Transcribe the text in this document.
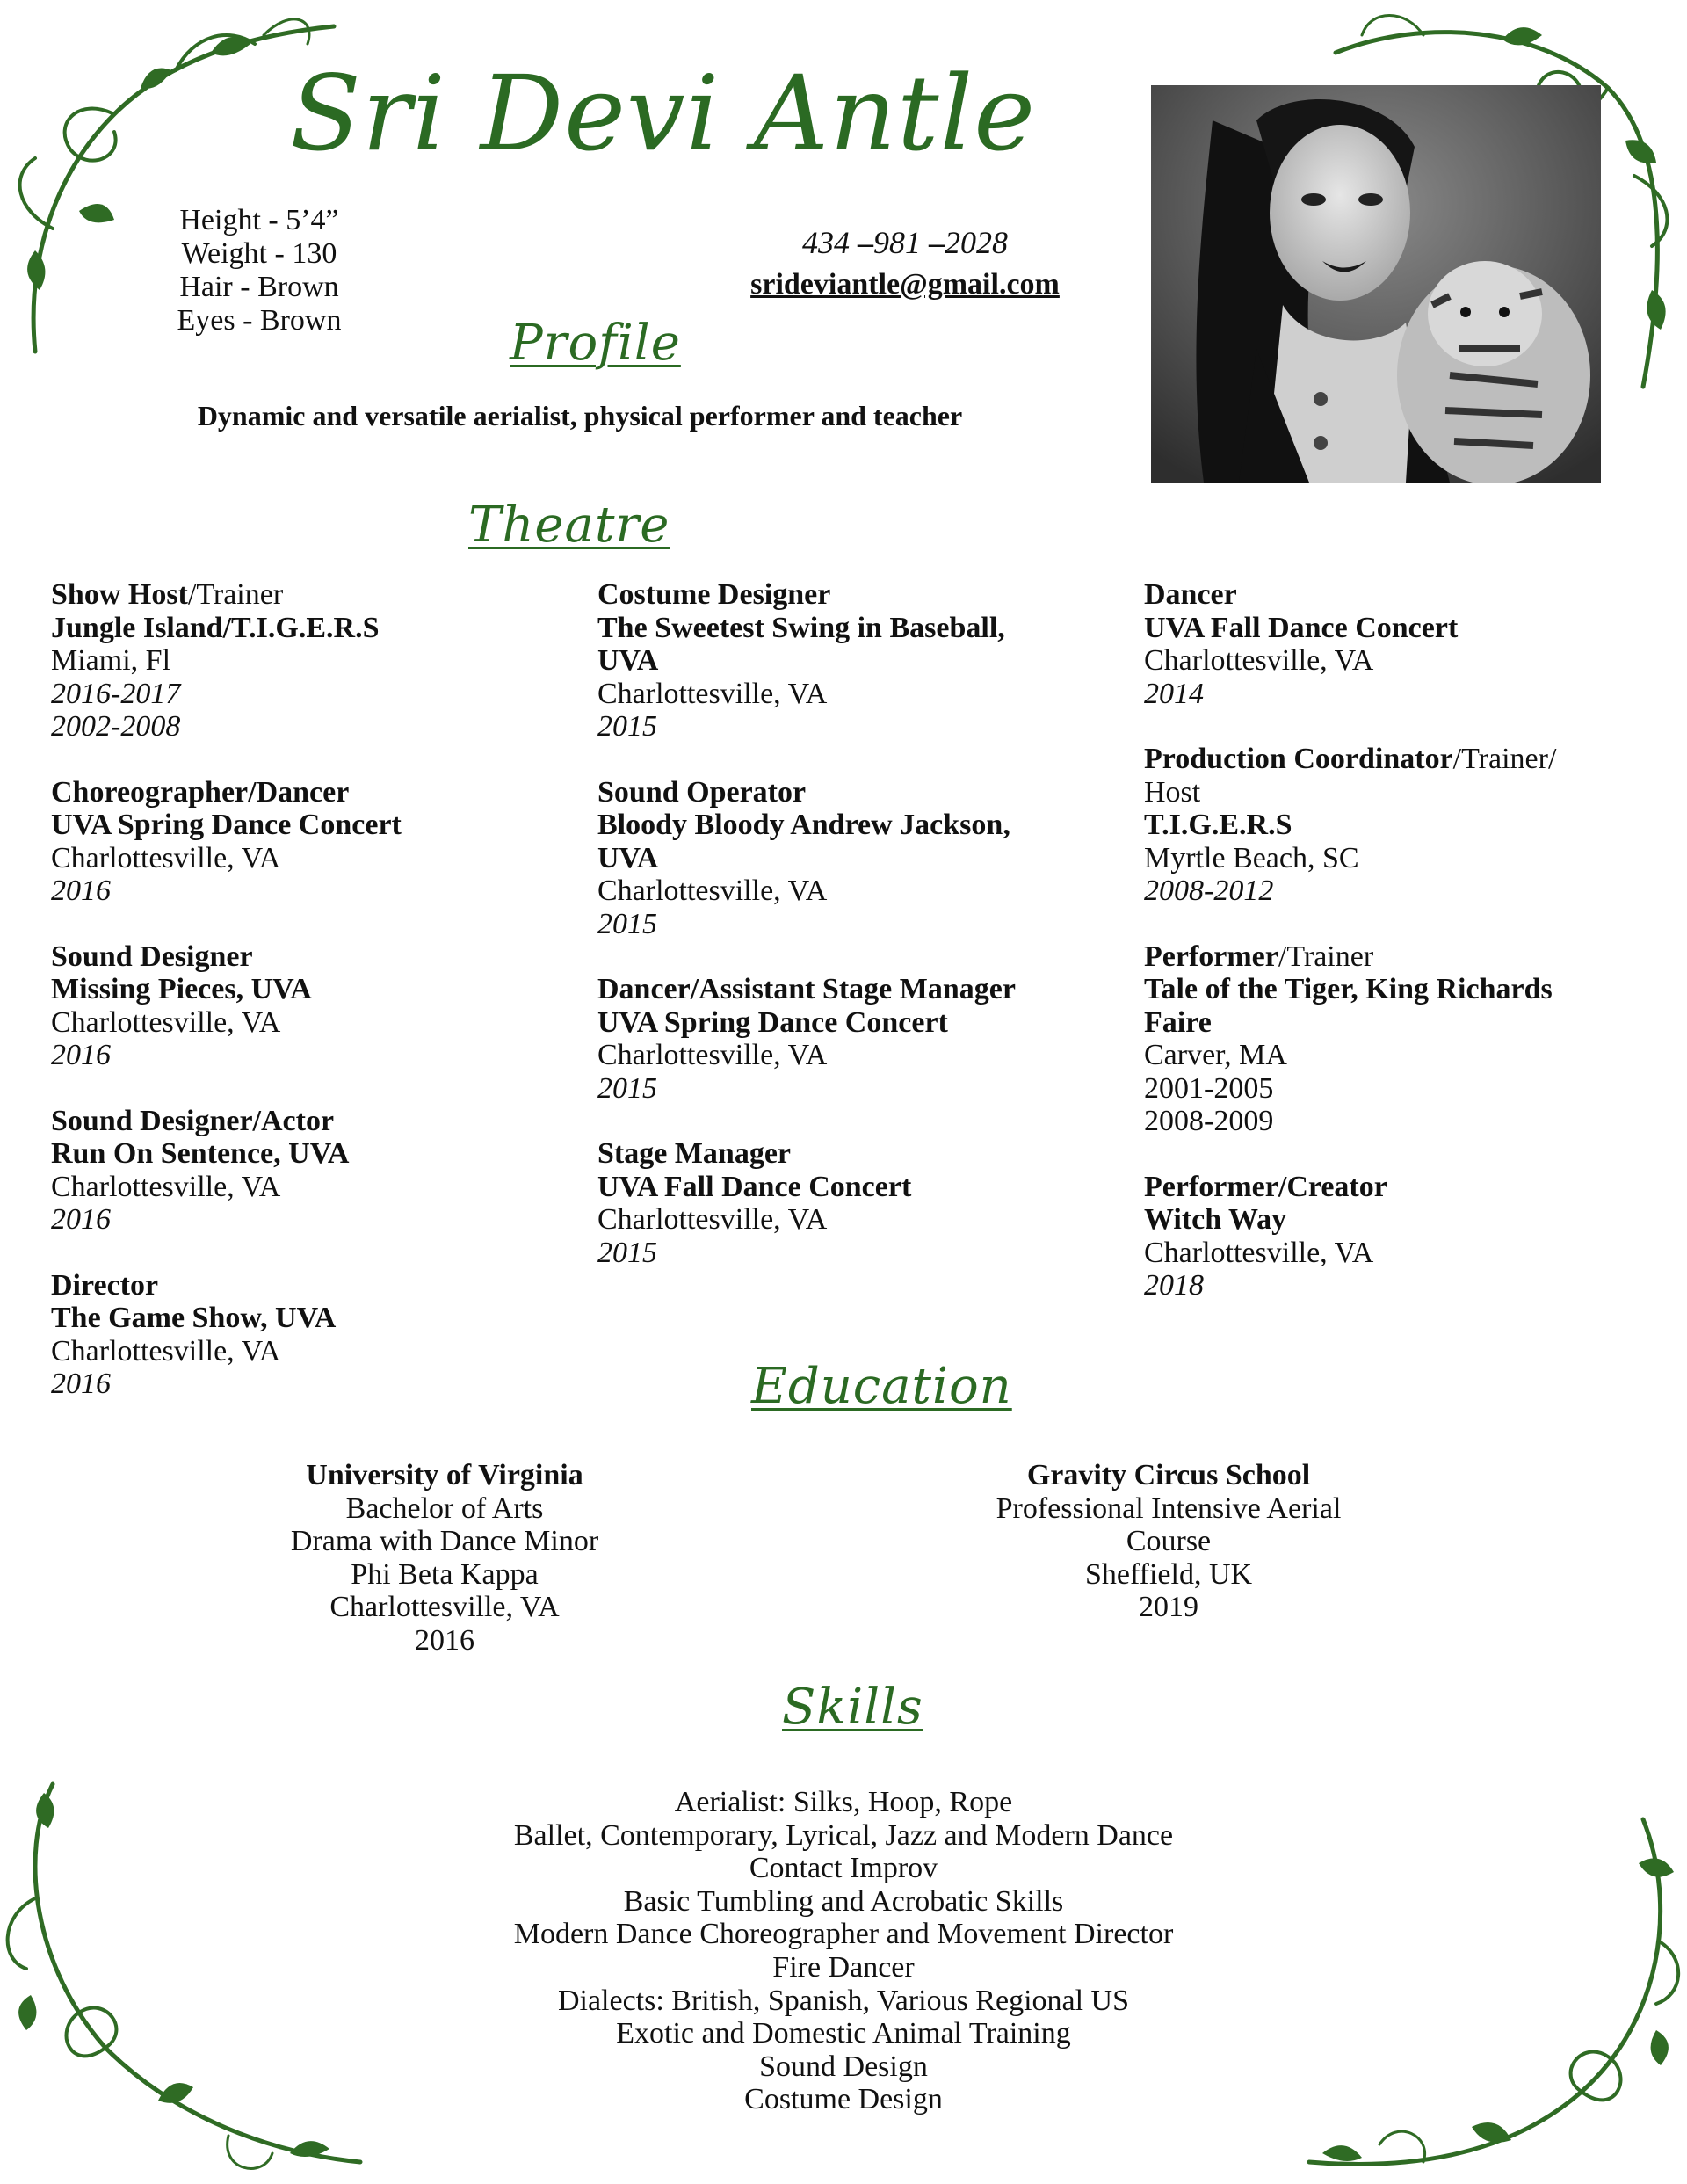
Sri Devi Antle
Height - 5’4”
Weight - 130
Hair - Brown
Eyes - Brown
434 –981 –2028
srideviantle@gmail.com
Profile
Dynamic and versatile aerialist, physical performer and teacher
Theatre
Show Host/Trainer
Jungle Island/T.I.G.E.R.S
Miami, Fl
2016-2017
2002-2008
Choreographer/Dancer
UVA Spring Dance Concert
Charlottesville, VA
2016
Sound Designer
Missing Pieces, UVA
Charlottesville, VA
2016
Sound Designer/Actor
Run On Sentence, UVA
Charlottesville, VA
2016
Director
The Game Show, UVA
Charlottesville, VA
2016
Costume Designer
The Sweetest Swing in Baseball, UVA
Charlottesville, VA
2015
Sound Operator
Bloody Bloody Andrew Jackson, UVA
Charlottesville, VA
2015
Dancer/Assistant Stage Manager
UVA Spring Dance Concert
Charlottesville, VA
2015
Stage Manager
UVA Fall Dance Concert
Charlottesville, VA
2015
Dancer
UVA Fall Dance Concert
Charlottesville, VA
2014
Production Coordinator/Trainer/ Host
T.I.G.E.R.S
Myrtle Beach, SC
2008-2012
Performer/Trainer
Tale of the Tiger, King Richards Faire
Carver, MA
2001-2005
2008-2009
Performer/Creator
Witch Way
Charlottesville, VA
2018
Education
University of Virginia
Bachelor of Arts
Drama with Dance Minor
Phi Beta Kappa
Charlottesville, VA
2016
Gravity Circus School
Professional Intensive Aerial Course
Sheffield, UK
2019
Skills
Aerialist: Silks, Hoop, Rope
Ballet, Contemporary, Lyrical, Jazz and Modern Dance
Contact Improv
Basic Tumbling and Acrobatic Skills
Modern Dance Choreographer and Movement Director
Fire Dancer
Dialects: British, Spanish, Various Regional US
Exotic and Domestic Animal Training
Sound Design
Costume Design
